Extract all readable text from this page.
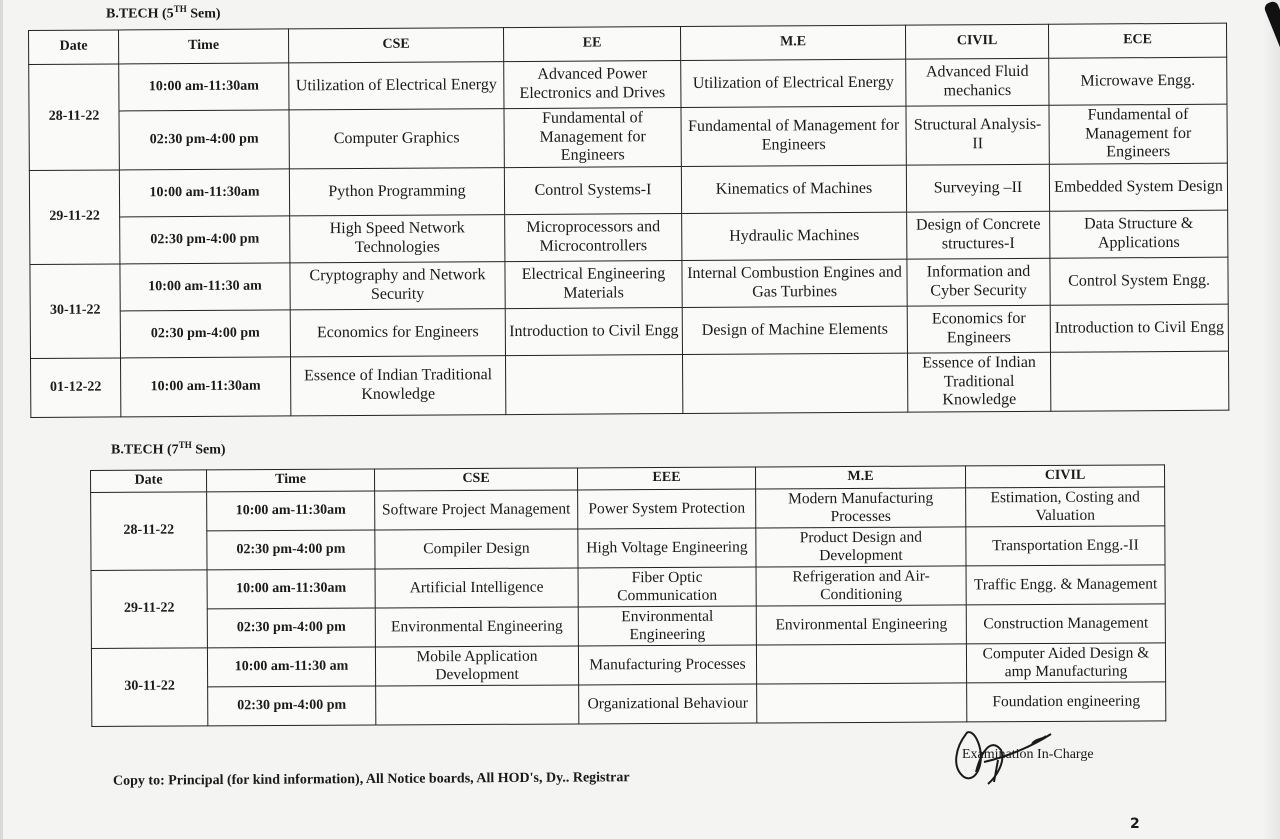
B.TECH (5TH Sem)
Date	Time	CSE	EE	M.E	CIVIL	ECE
28-11-22	10:00 am-11:30am	Utilization of Electrical Energy	Advanced Power Electronics and Drives	Utilization of Electrical Energy	Advanced Fluid mechanics	Microwave Engg.
	02:30 pm-4:00 pm	Computer Graphics	Fundamental of Management for Engineers	Fundamental of Management for Engineers	Structural Analysis-II	Fundamental of Management for Engineers
29-11-22	10:00 am-11:30am	Python Programming	Control Systems-I	Kinematics of Machines	Surveying –II	Embedded System Design
	02:30 pm-4:00 pm	High Speed Network Technologies	Microprocessors and Microcontrollers	Hydraulic Machines	Design of Concrete structures-I	Data Structure & Applications
30-11-22	10:00 am-11:30 am	Cryptography and Network Security	Electrical Engineering Materials	Internal Combustion Engines and Gas Turbines	Information and Cyber Security	Control System Engg.
	02:30 pm-4:00 pm	Economics for Engineers	Introduction to Civil Engg	Design of Machine Elements	Economics for Engineers	Introduction to Civil Engg
01-12-22	10:00 am-11:30am	Essence of Indian Traditional Knowledge			Essence of Indian Traditional Knowledge	
B.TECH (7TH Sem)
Date	Time	CSE	EEE	M.E	CIVIL
28-11-22	10:00 am-11:30am	Software Project Management	Power System Protection	Modern Manufacturing Processes	Estimation, Costing and Valuation
	02:30 pm-4:00 pm	Compiler Design	High Voltage Engineering	Product Design and Development	Transportation Engg.-II
29-11-22	10:00 am-11:30am	Artificial Intelligence	Fiber Optic Communication	Refrigeration and Air-Conditioning	Traffic Engg. & Management
	02:30 pm-4:00 pm	Environmental Engineering	Environmental Engineering	Environmental Engineering	Construction Management
30-11-22	10:00 am-11:30 am	Mobile Application Development	Manufacturing Processes		Computer Aided Design & amp Manufacturing
	02:30 pm-4:00 pm		Organizational Behaviour		Foundation engineering
Copy to: Principal (for kind information), All Notice boards, All HOD's, Dy.. Registrar
Examination In-Charge
2
